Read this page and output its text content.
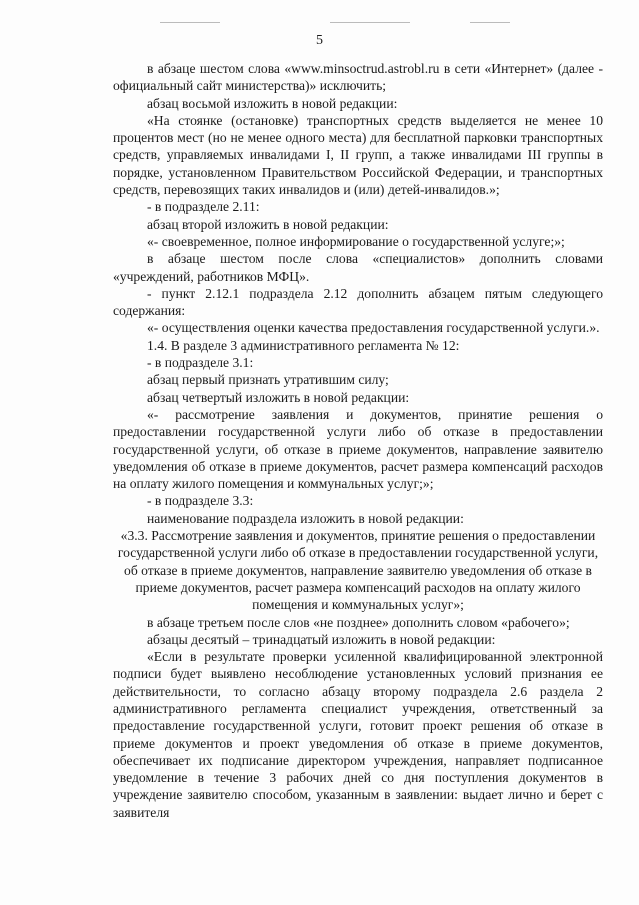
5

в абзаце шестом слова «www.minsoctrud.astrobl.ru в сети «Интернет» (далее - официальный сайт министерства)» исключить;

абзац восьмой изложить в новой редакции:

«На стоянке (остановке) транспортных средств выделяется не менее 10 процентов мест (но не менее одного места) для бесплатной парковки транспортных средств, управляемых инвалидами I, II групп, а также инвалидами III группы в порядке, установленном Правительством Российской Федерации, и транспортных средств, перевозящих таких инвалидов и (или) детей-инвалидов.»;

- в подразделе 2.11:

абзац второй изложить в новой редакции:

«- своевременное, полное информирование о государственной услуге;»;

в абзаце шестом после слова «специалистов» дополнить словами «учреждений, работников МФЦ».

- пункт 2.12.1 подраздела 2.12 дополнить абзацем пятым следующего содержания:

«- осуществления оценки качества предоставления государственной услуги.».

1.4. В разделе 3 административного регламента № 12:

- в подразделе 3.1:

абзац первый признать утратившим силу;

абзац четвертый изложить в новой редакции:

«- рассмотрение заявления и документов, принятие решения о предоставлении государственной услуги либо об отказе в предоставлении государственной услуги, об отказе в приеме документов, направление заявителю уведомления об отказе в приеме документов, расчет размера компенсаций расходов на оплату жилого помещения и коммунальных услуг;»;

- в подразделе 3.3:

наименование подраздела изложить в новой редакции:

«3.3. Рассмотрение заявления и документов, принятие решения о предоставлении государственной услуги либо об отказе в предоставлении государственной услуги, об отказе в приеме документов, направление заявителю уведомления об отказе в приеме документов, расчет размера компенсаций расходов на оплату жилого помещения и коммунальных услуг»;

в абзаце третьем после слов «не позднее» дополнить словом «рабочего»;

абзацы десятый – тринадцатый изложить в новой редакции:

«Если в результате проверки усиленной квалифицированной электронной подписи будет выявлено несоблюдение установленных условий признания ее действительности, то согласно абзацу второму подраздела 2.6 раздела 2 административного регламента специалист учреждения, ответственный за предоставление государственной услуги, готовит проект решения об отказе в приеме документов и проект уведомления об отказе в приеме документов, обеспечивает их подписание директором учреждения, направляет подписанное уведомление в течение 3 рабочих дней со дня поступления документов в учреждение заявителю способом, указанным в заявлении: выдает лично и берет с заявителя
